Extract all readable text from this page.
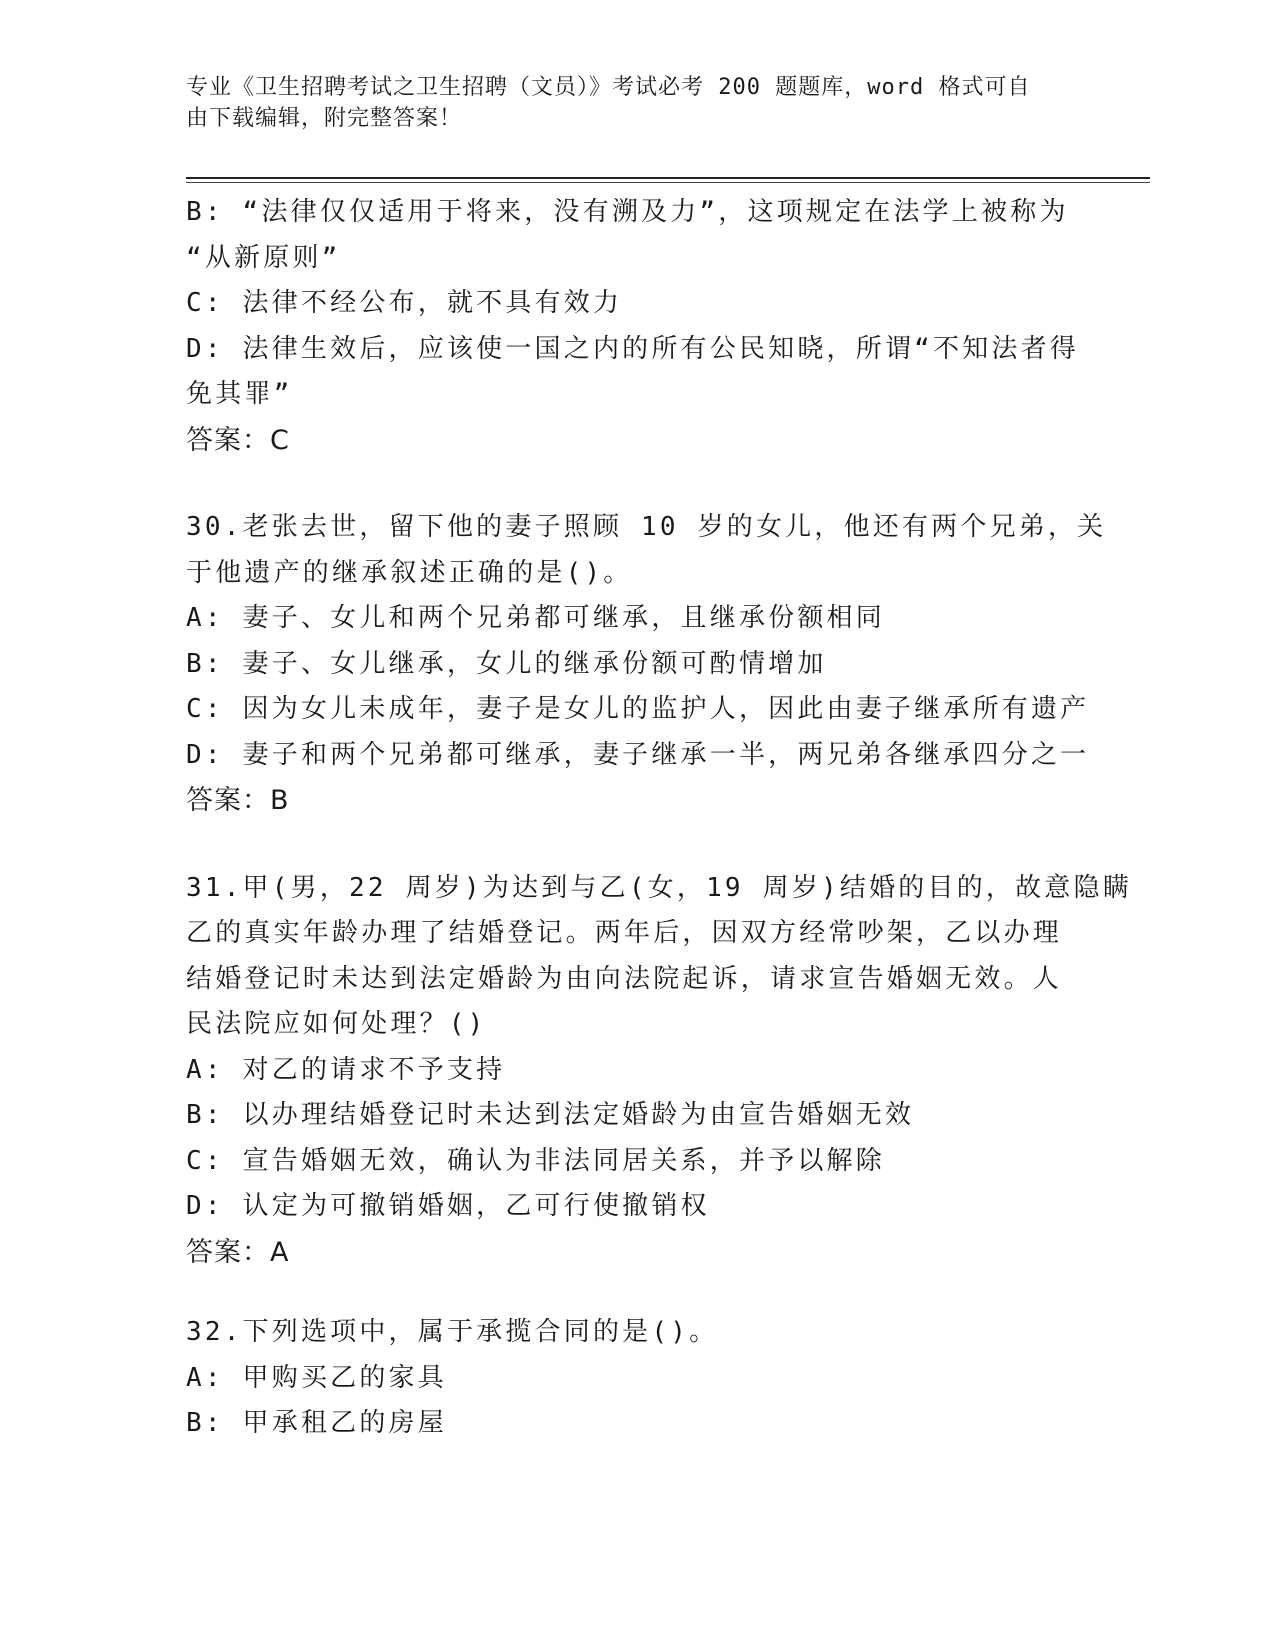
专业《卫生招聘考试之卫生招聘（文员）》考试必考 200 题题库，word 格式可自
由下载编辑，附完整答案！
B: “法律仅仅适用于将来，没有溯及力”，这项规定在法学上被称为
“从新原则”
C: 法律不经公布，就不具有效力
D: 法律生效后，应该使一国之内的所有公民知晓，所谓“不知法者得
免其罪”
答案：C
30.老张去世，留下他的妻子照顾 10 岁的女儿，他还有两个兄弟，关
于他遗产的继承叙述正确的是()。
A: 妻子、女儿和两个兄弟都可继承，且继承份额相同
B: 妻子、女儿继承，女儿的继承份额可酌情增加
C: 因为女儿未成年，妻子是女儿的监护人，因此由妻子继承所有遗产
D: 妻子和两个兄弟都可继承，妻子继承一半，两兄弟各继承四分之一
答案：B
31.甲(男，22 周岁)为达到与乙(女，19 周岁)结婚的目的，故意隐瞒
乙的真实年龄办理了结婚登记。两年后，因双方经常吵架，乙以办理
结婚登记时未达到法定婚龄为由向法院起诉，请求宣告婚姻无效。人
民法院应如何处理？()
A: 对乙的请求不予支持
B: 以办理结婚登记时未达到法定婚龄为由宣告婚姻无效
C: 宣告婚姻无效，确认为非法同居关系，并予以解除
D: 认定为可撤销婚姻，乙可行使撤销权
答案：A
32.下列选项中，属于承揽合同的是()。
A: 甲购买乙的家具
B: 甲承租乙的房屋
